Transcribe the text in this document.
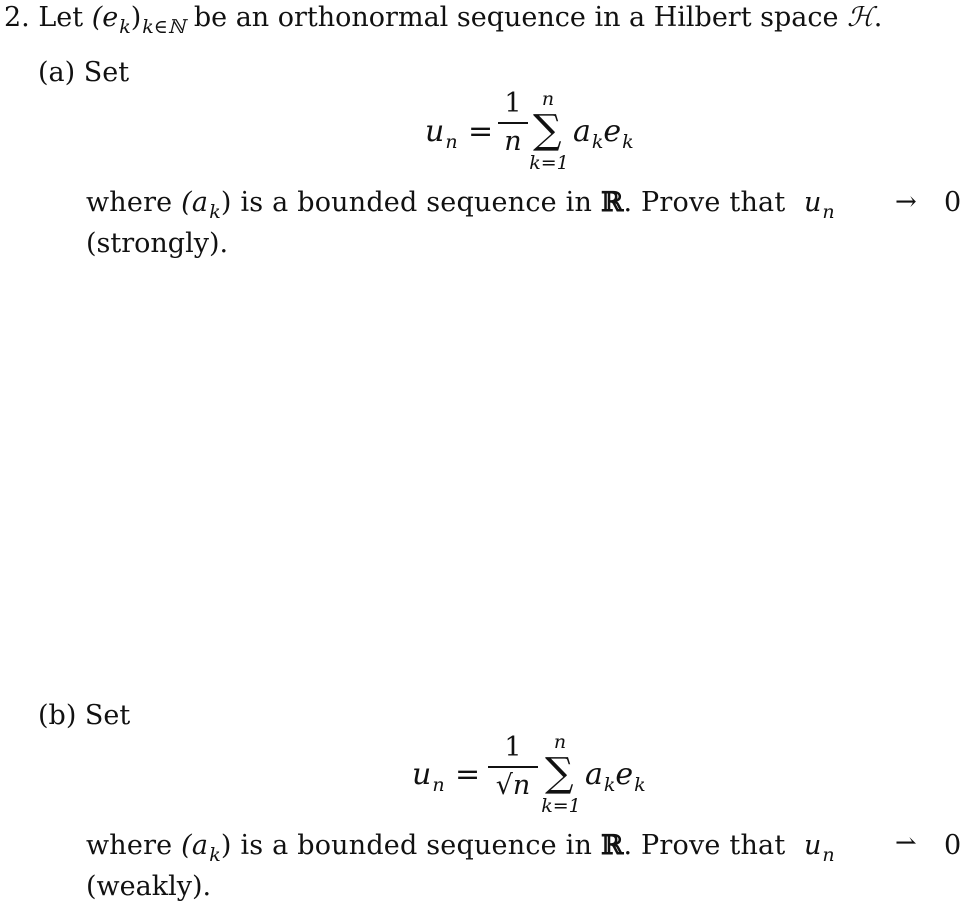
2. Let $(e_k)_{k\in ℕ}$ be an orthonormal sequence in a Hilbert space ℋ.
(a) Set
$u_n$ =
1
n
n
∑
k=1
$a_ke_k$
where $(a_k)$ is a bounded sequence in ℝ. Prove that $u_n \to 0$
(strongly).
(b) Set
$u_n$ =
1
√n
n
∑
k=1
$a_ke_k$
where $(a_k)$ is a bounded sequence in ℝ. Prove that $u_n$ ⇀ 0
(weakly).
